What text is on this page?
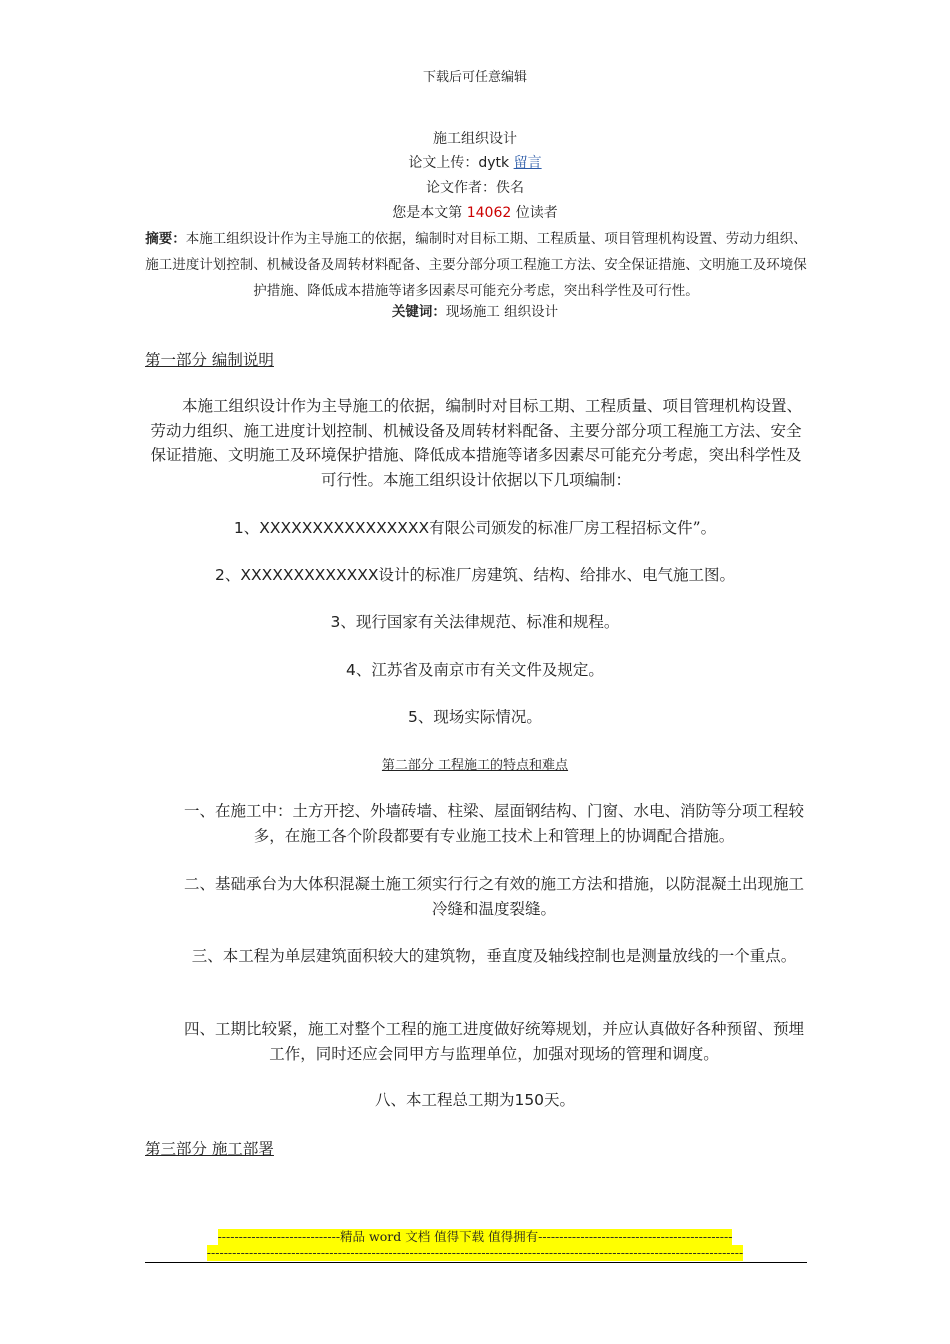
下载后可任意编辑
施工组织设计
论文上传：dytk 留言
论文作者：佚名
您是本文第 14062 位读者
摘要：本施工组织设计作为主导施工的依据，编制时对目标工期、工程质量、项目管理机构设置、劳动力组织、施工进度计划控制、机械设备及周转材料配备、主要分部分项工程施工方法、安全保证措施、文明施工及环境保护措施、降低成本措施等诸多因素尽可能充分考虑，突出科学性及可行性。
关键词：现场施工 组织设计
第一部分 编制说明
本施工组织设计作为主导施工的依据，编制时对目标工期、工程质量、项目管理机构设置、劳动力组织、施工进度计划控制、机械设备及周转材料配备、主要分部分项工程施工方法、安全保证措施、文明施工及环境保护措施、降低成本措施等诸多因素尽可能充分考虑，突出科学性及可行性。本施工组织设计依据以下几项编制：
1、XXXXXXXXXXXXXXXX有限公司颁发的标准厂房工程招标文件”。
2、XXXXXXXXXXXXX设计的标准厂房建筑、结构、给排水、电气施工图。
3、现行国家有关法律规范、标准和规程。
4、江苏省及南京市有关文件及规定。
5、现场实际情况。
第二部分 工程施工的特点和难点
一、在施工中：土方开挖、外墙砖墙、柱梁、屋面钢结构、门窗、水电、消防等分项工程较多，在施工各个阶段都要有专业施工技术上和管理上的协调配合措施。
二、基础承台为大体积混凝土施工须实行行之有效的施工方法和措施，以防混凝土出现施工冷缝和温度裂缝。
三、本工程为单层建筑面积较大的建筑物，垂直度及轴线控制也是测量放线的一个重点。
四、工期比较紧，施工对整个工程的施工进度做好统筹规划，并应认真做好各种预留、预埋工作，同时还应会同甲方与监理单位，加强对现场的管理和调度。
八、本工程总工期为150天。
第三部分 施工部署
-----------------------------精品 word 文档 值得下载 值得拥有----------------------------------------------
-------------------------------------------------------------------------------------------------------------------------------
